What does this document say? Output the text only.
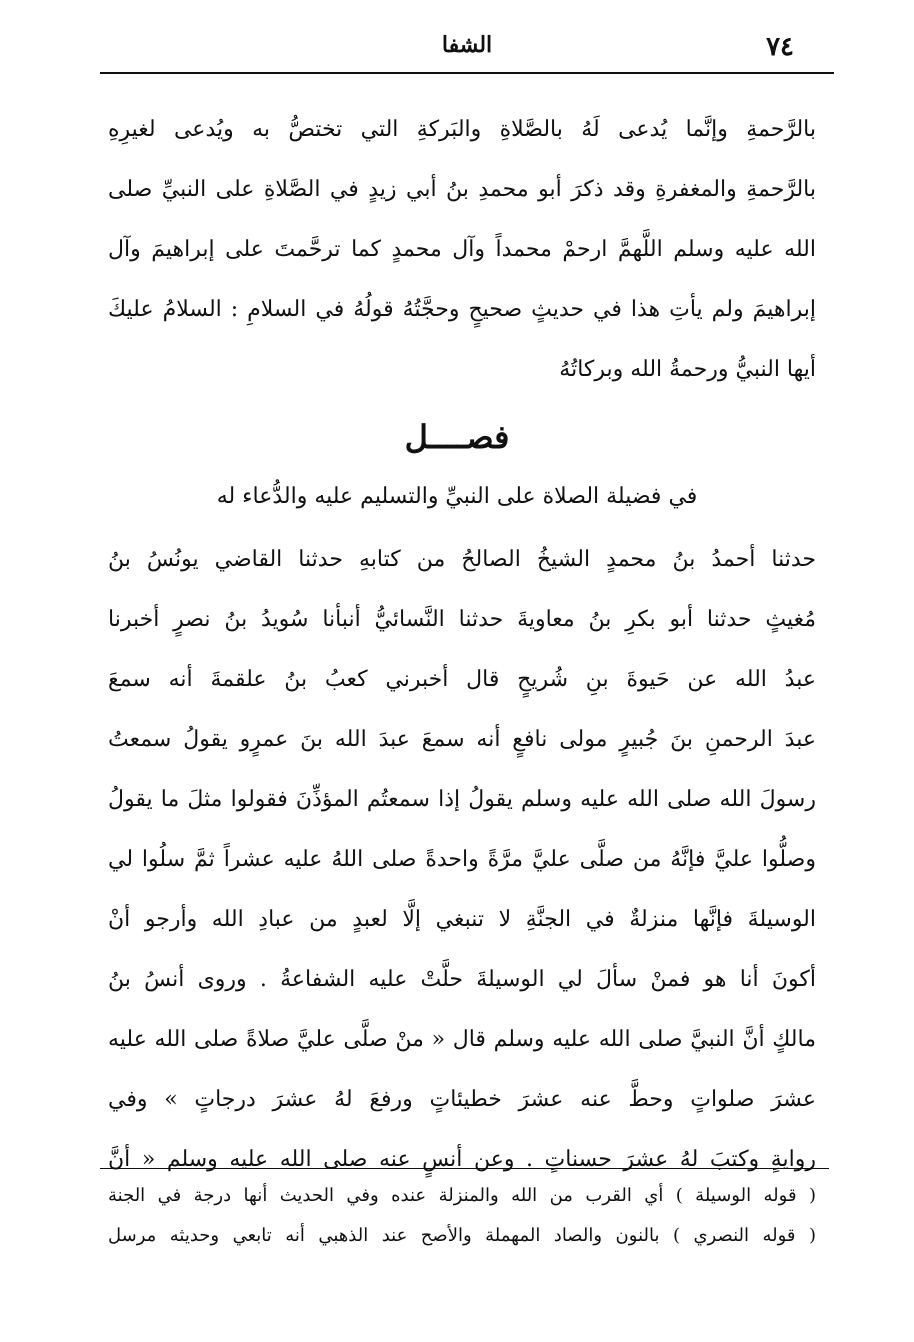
٧٤
الشفا
بالرَّحمةِ وإنَّما يُدعى لَهُ بالصَّلاةِ والبَركةِ التي تختصُّ به ويُدعى لغيرِهِ
بالرَّحمةِ والمغفرةِ وقد ذكرَ أبو محمدِ بنُ أبي زيدٍ في الصَّلاةِ على النبيِّ صلى
الله عليه وسلم اللَّهمَّ ارحمْ محمداً وآل محمدٍ كما ترحَّمتَ على إبراهيمَ وآل
إبراهيمَ ولم يأتِ هذا في حديثٍ صحيحٍ وحجَّتُهُ قولُهُ في السلامِ : السلامُ عليكَ
أيها النبيُّ ورحمةُ الله وبركاتُهُ
فصــــل
في فضيلة الصلاة على النبيِّ والتسليم عليه والدُّعاء له
حدثنا أحمدُ بنُ محمدٍ الشيخُ الصالحُ من كتابهِ حدثنا القاضي يونُسُ بنُ
مُغيثٍ حدثنا أبو بكرِ بنُ معاويةَ حدثنا النَّسائيُّ أنبأنا سُويدُ بنُ نصرٍ أخبرنا
عبدُ الله عن حَيوةَ بنِ شُريحٍ قال أخبرني كعبُ بنُ علقمةَ أنه سمعَ
عبدَ الرحمنِ بنَ جُبيرٍ مولى نافعٍ أنه سمعَ عبدَ الله بنَ عمرٍو يقولُ سمعتُ
رسولَ الله صلى الله عليه وسلم يقولُ إذا سمعتُم المؤذِّنَ فقولوا مثلَ ما يقولُ
وصلُّوا عليَّ فإنَّهُ من صلَّى عليَّ مرَّةً واحدةً صلى اللهُ عليه عشراً ثمَّ سلُوا لي
الوسيلةَ فإنَّها منزلةٌ في الجنَّةِ لا تنبغي إلَّا لعبدٍ من عبادِ الله وأرجو أنْ
أكونَ أنا هو فمنْ سألَ لي الوسيلةَ حلَّتْ عليه الشفاعةُ . وروى أنسُ بنُ
مالكٍ أنَّ النبيَّ صلى الله عليه وسلم قال « منْ صلَّى عليَّ صلاةً صلى الله عليه
عشرَ صلواتٍ وحطَّ عنه عشرَ خطيئاتٍ ورفعَ لهُ عشرَ درجاتٍ » وفي
روايةٍ وكتبَ لهُ عشرَ حسناتٍ . وعن أنسٍ عنه صلى الله عليه وسلم « أنَّ
( قوله الوسيلة ) أي القرب من الله والمنزلة عنده وفي الحديث أنها درجة في الجنة
( قوله النصري ) بالنون والصاد المهملة والأصح عند الذهبي أنه تابعي وحديثه مرسل
